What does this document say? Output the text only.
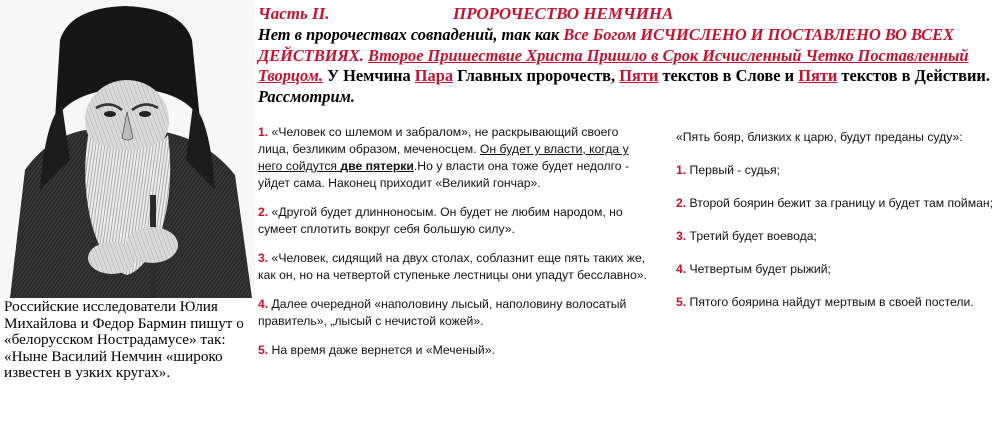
Российские исследователи Юлия Михайлова и Федор Бармин пишут о «белорусском Нострадамусе» так: «Ныне Василий Немчин «широко известен в узких кругах».
Часть II.	ПРОРОЧЕСТВО НЕМЧИНА
Нет в пророчествах совпадений, так как Все Богом ИСЧИСЛЕНО И ПОСТАВЛЕНО ВО ВСЕХ ДЕЙСТВИЯХ. Второе Пришествие Христа Пришло в Срок Исчисленный Четко Поставленный Творцом. У Немчина Пара Главных пророчеств, Пяти текстов в Слове и Пяти текстов в Действии. Рассмотрим.

1. «Человек со шлемом и забралом», не раскрывающий своего лица, безликим образом, меченосцем. Он будет у власти, когда у него сойдутся две пятерки.Но у власти она тоже будет недолго - уйдет сама. Наконец приходит «Великий гончар».

2. «Другой будет длинноносым. Он будет не любим народом, но сумеет сплотить вокруг себя большую силу».

3. «Человек, сидящий на двух столах, соблазнит еще пять таких же, как он, но на четвертой ступеньке лестницы они упадут бесславно».

4. Далее очередной «наполовину лысый, наполовину волосатый правитель», „лысый с нечистой кожей».

5. На время даже вернется и «Меченый».

«Пять бояр, близких к царю, будут преданы суду»:

1. Первый - судья;

2. Второй боярин бежит за границу и будет там пойман;

3. Третий будет воевода;

4. Четвертым будет рыжий;

5. Пятого боярина найдут мертвым в своей постели.
